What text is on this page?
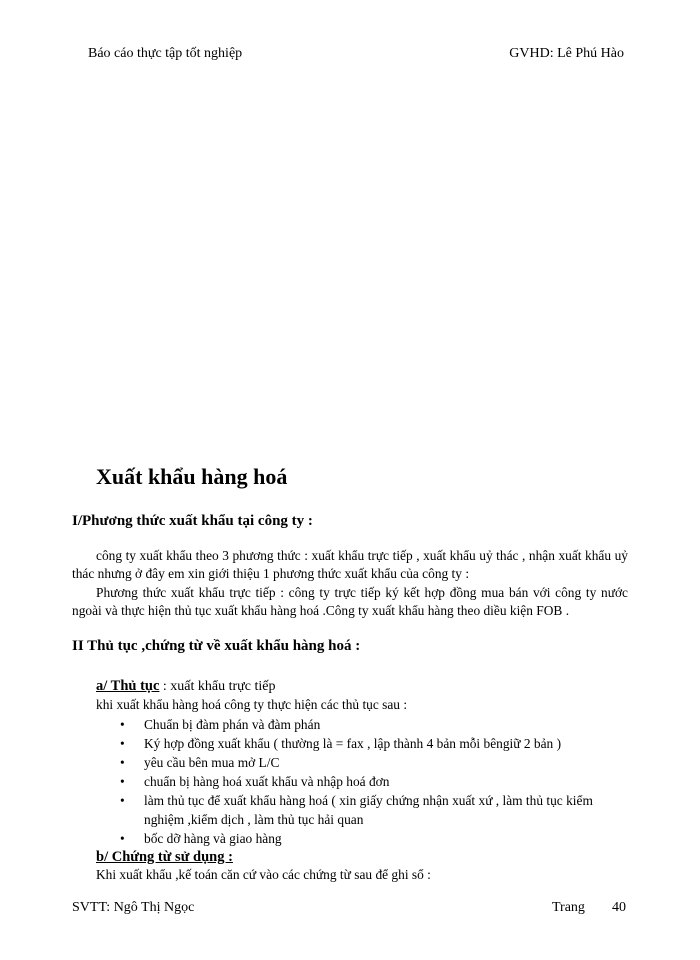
Báo cáo thực tập tốt nghiệp	GVHD: Lê Phú Hào
Xuất khẩu hàng hoá
I/Phương thức xuất khẩu tại công ty :
công ty xuất khẩu theo 3 phương thức : xuất khẩu trực tiếp , xuất khẩu uỷ thác , nhận xuất khẩu uỷ thác nhưng ở đây em xin giới thiệu 1 phương thức xuất khẩu của công ty :
Phương thức xuất khẩu trực tiếp : công ty trực tiếp ký kết hợp đồng mua bán với công ty nước ngoài và thực hiện thủ tục xuất khẩu hàng hoá .Công ty xuất khẩu hàng theo diều kiện FOB .
II Thủ tục ,chứng từ về xuất khẩu hàng hoá :
a/ Thủ tục : xuất khẩu trực tiếp
khi xuất khẩu hàng hoá công ty thực hiện các thủ tục sau :
• Chuẩn bị đàm phán và đàm phán
• Ký hợp đồng xuất khẩu ( thường là = fax , lập thành 4 bản mỗi bêngiữ 2 bản )
• yêu cầu bên mua mở L/C
• chuẩn bị hàng hoá xuất khẩu và nhập hoá đơn
• làm thủ tục để xuất khẩu hàng hoá ( xin giấy chứng nhận xuất xứ , làm thủ tục kiểm nghiệm ,kiểm dịch , làm thủ tục hải quan
• bốc dỡ hàng và giao hàng
b/ Chứng từ sử dụng :
Khi xuất khẩu ,kế toán căn cứ vào các chứng từ sau để ghi sổ :
SVTT: Ngô Thị Ngọc	Trang 40
